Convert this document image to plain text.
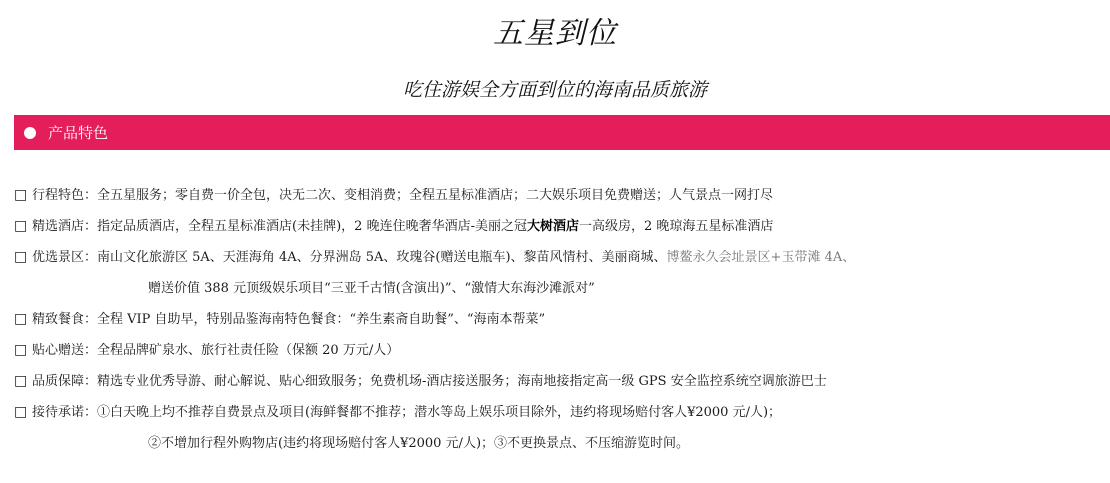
五星到位
吃住游娱全方面到位的海南品质旅游
产品特色
□ 行程特色： 全五星服务；零自费一价全包，决无二次、变相消费；全程五星标准酒店；二大娱乐项目免费赠送；人气景点一网打尽
□ 精选酒店： 指定品质酒店，全程五星标准酒店(未挂牌)，2 晚连住晚奢华酒店-美丽之冠大树酒店一高级房，2 晚琼海五星标准酒店
□ 优选景区： 南山文化旅游区 5A、天涯海角 4A、分界洲岛 5A、玫瑰谷(赠送电瓶车)、黎苗风情村、美丽商城、博鳌永久会址景区+玉带滩 4A、
赠送价值 388 元顶级娱乐项目“三亚千古情(含演出)”、“激情大东海沙滩派对”
□ 精致餐食： 全程 VIP 自助早，特别品鉴海南特色餐食：“养生素斋自助餐”、“海南本帮菜”
□ 贴心赠送： 全程品牌矿泉水、旅行社责任险（保额 20 万元/人）
□ 品质保障： 精选专业优秀导游、耐心解说、贴心细致服务；免费机场-酒店接送服务；海南地接指定高一级 GPS 安全监控系统空调旅游巴士
□ 接待承诺： ①白天晚上均不推荐自费景点及项目(海鲜餐都不推荐；潜水等岛上娱乐项目除外，违约将现场赔付客人¥2000 元/人)；
②不增加行程外购物店(违约将现场赔付客人¥2000 元/人)；③不更换景点、不压缩游览时间。
